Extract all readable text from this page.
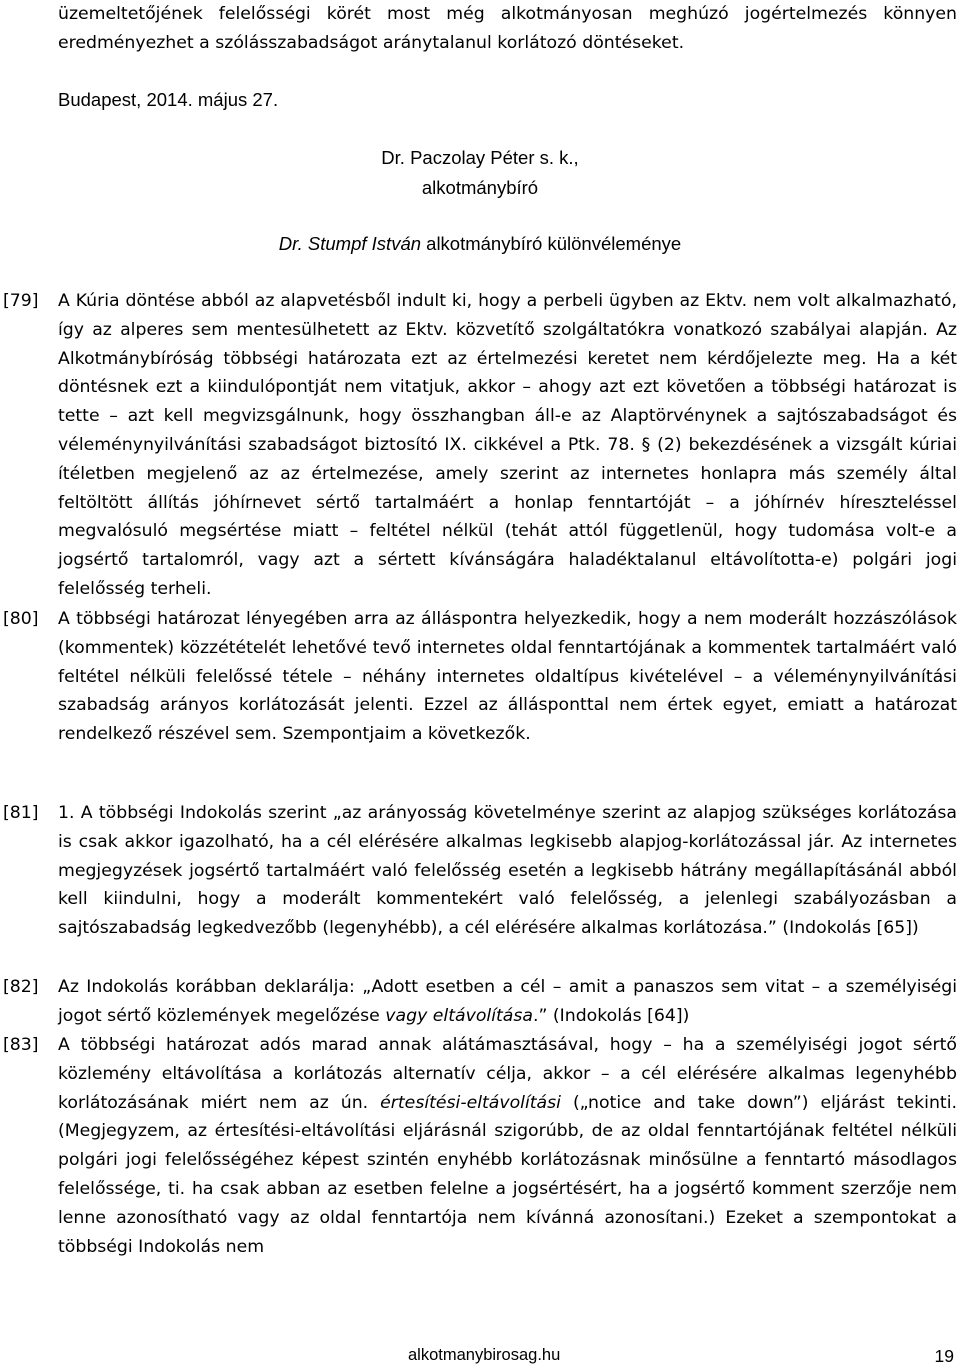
üzemeltetőjének felelősségi körét most még alkotmányosan meghúzó jogértelmezés könnyen eredményezhet a szólásszabadságot aránytalanul korlátozó döntéseket.

Budapest, 2014. május 27.

Dr. Paczolay Péter s. k.,
alkotmánybíró

Dr. Stumpf István alkotmánybíró különvéleménye

[79] A Kúria döntése abból az alapvetésből indult ki, hogy a perbeli ügyben az Ektv. nem volt alkalmazható, így az alperes sem mentesülhetett az Ektv. közvetítő szolgáltatókra vonatkozó szabályai alapján. Az Alkotmánybíróság többségi határozata ezt az értelmezési keretet nem kérdőjelezte meg. Ha a két döntésnek ezt a kiindulópontját nem vitatjuk, akkor – ahogy azt ezt követően a többségi határozat is tette – azt kell megvizsgálnunk, hogy összhangban áll-e az Alaptörvénynek a sajtószabadságot és véleménynyilvánítási szabadságot biztosító IX. cikkével a Ptk. 78. § (2) bekezdésének a vizsgált kúriai ítéletben megjelenő az az értelmezése, amely szerint az internetes honlapra más személy által feltöltött állítás jóhírnevet sértő tartalmáért a honlap fenntartóját – a jóhírnév híreszteléssel megvalósuló megsértése miatt – feltétel nélkül (tehát attól függetlenül, hogy tudomása volt-e a jogsértő tartalomról, vagy azt a sértett kívánságára haladéktalanul eltávolította-e) polgári jogi felelősség terheli.

[80] A többségi határozat lényegében arra az álláspontra helyezkedik, hogy a nem moderált hozzászólások (kommentek) közzétételét lehetővé tevő internetes oldal fenntartójának a kommentek tartalmáért való feltétel nélküli felelőssé tétele – néhány internetes oldaltípus kivételével – a véleménynyilvánítási szabadság arányos korlátozását jelenti. Ezzel az állásponttal nem értek egyet, emiatt a határozat rendelkező részével sem. Szempontjaim a következők.

[81] 1. A többségi Indokolás szerint „az arányosság követelménye szerint az alapjog szükséges korlátozása is csak akkor igazolható, ha a cél elérésére alkalmas legkisebb alapjog-korlátozással jár. Az internetes megjegyzések jogsértő tartalmáért való felelősség esetén a legkisebb hátrány megállapításánál abból kell kiindulni, hogy a moderált kommentekért való felelősség, a jelenlegi szabályozásban a sajtószabadság legkedvezőbb (legenyhébb), a cél elérésére alkalmas korlátozása.” (Indokolás [65])

[82] Az Indokolás korábban deklarálja: „Adott esetben a cél – amit a panaszos sem vitat – a személyiségi jogot sértő közlemények megelőzése vagy eltávolítása.” (Indokolás [64])

[83] A többségi határozat adós marad annak alátámasztásával, hogy – ha a személyiségi jogot sértő közlemény eltávolítása a korlátozás alternatív célja, akkor – a cél elérésére alkalmas legenyhébb korlátozásának miért nem az ún. értesítési-eltávolítási („notice and take down”) eljárást tekinti. (Megjegyzem, az értesítési-eltávolítási eljárásnál szigorúbb, de az oldal fenntartójának feltétel nélküli polgári jogi felelősségéhez képest szintén enyhébb korlátozásnak minősülne a fenntartó másodlagos felelőssége, ti. ha csak abban az esetben felelne a jogsértésért, ha a jogsértő komment szerzője nem lenne azonosítható vagy az oldal fenntartója nem kívánná azonosítani.) Ezeket a szempontokat a többségi Indokolás nem

alkotmanybirosag.hu	19
